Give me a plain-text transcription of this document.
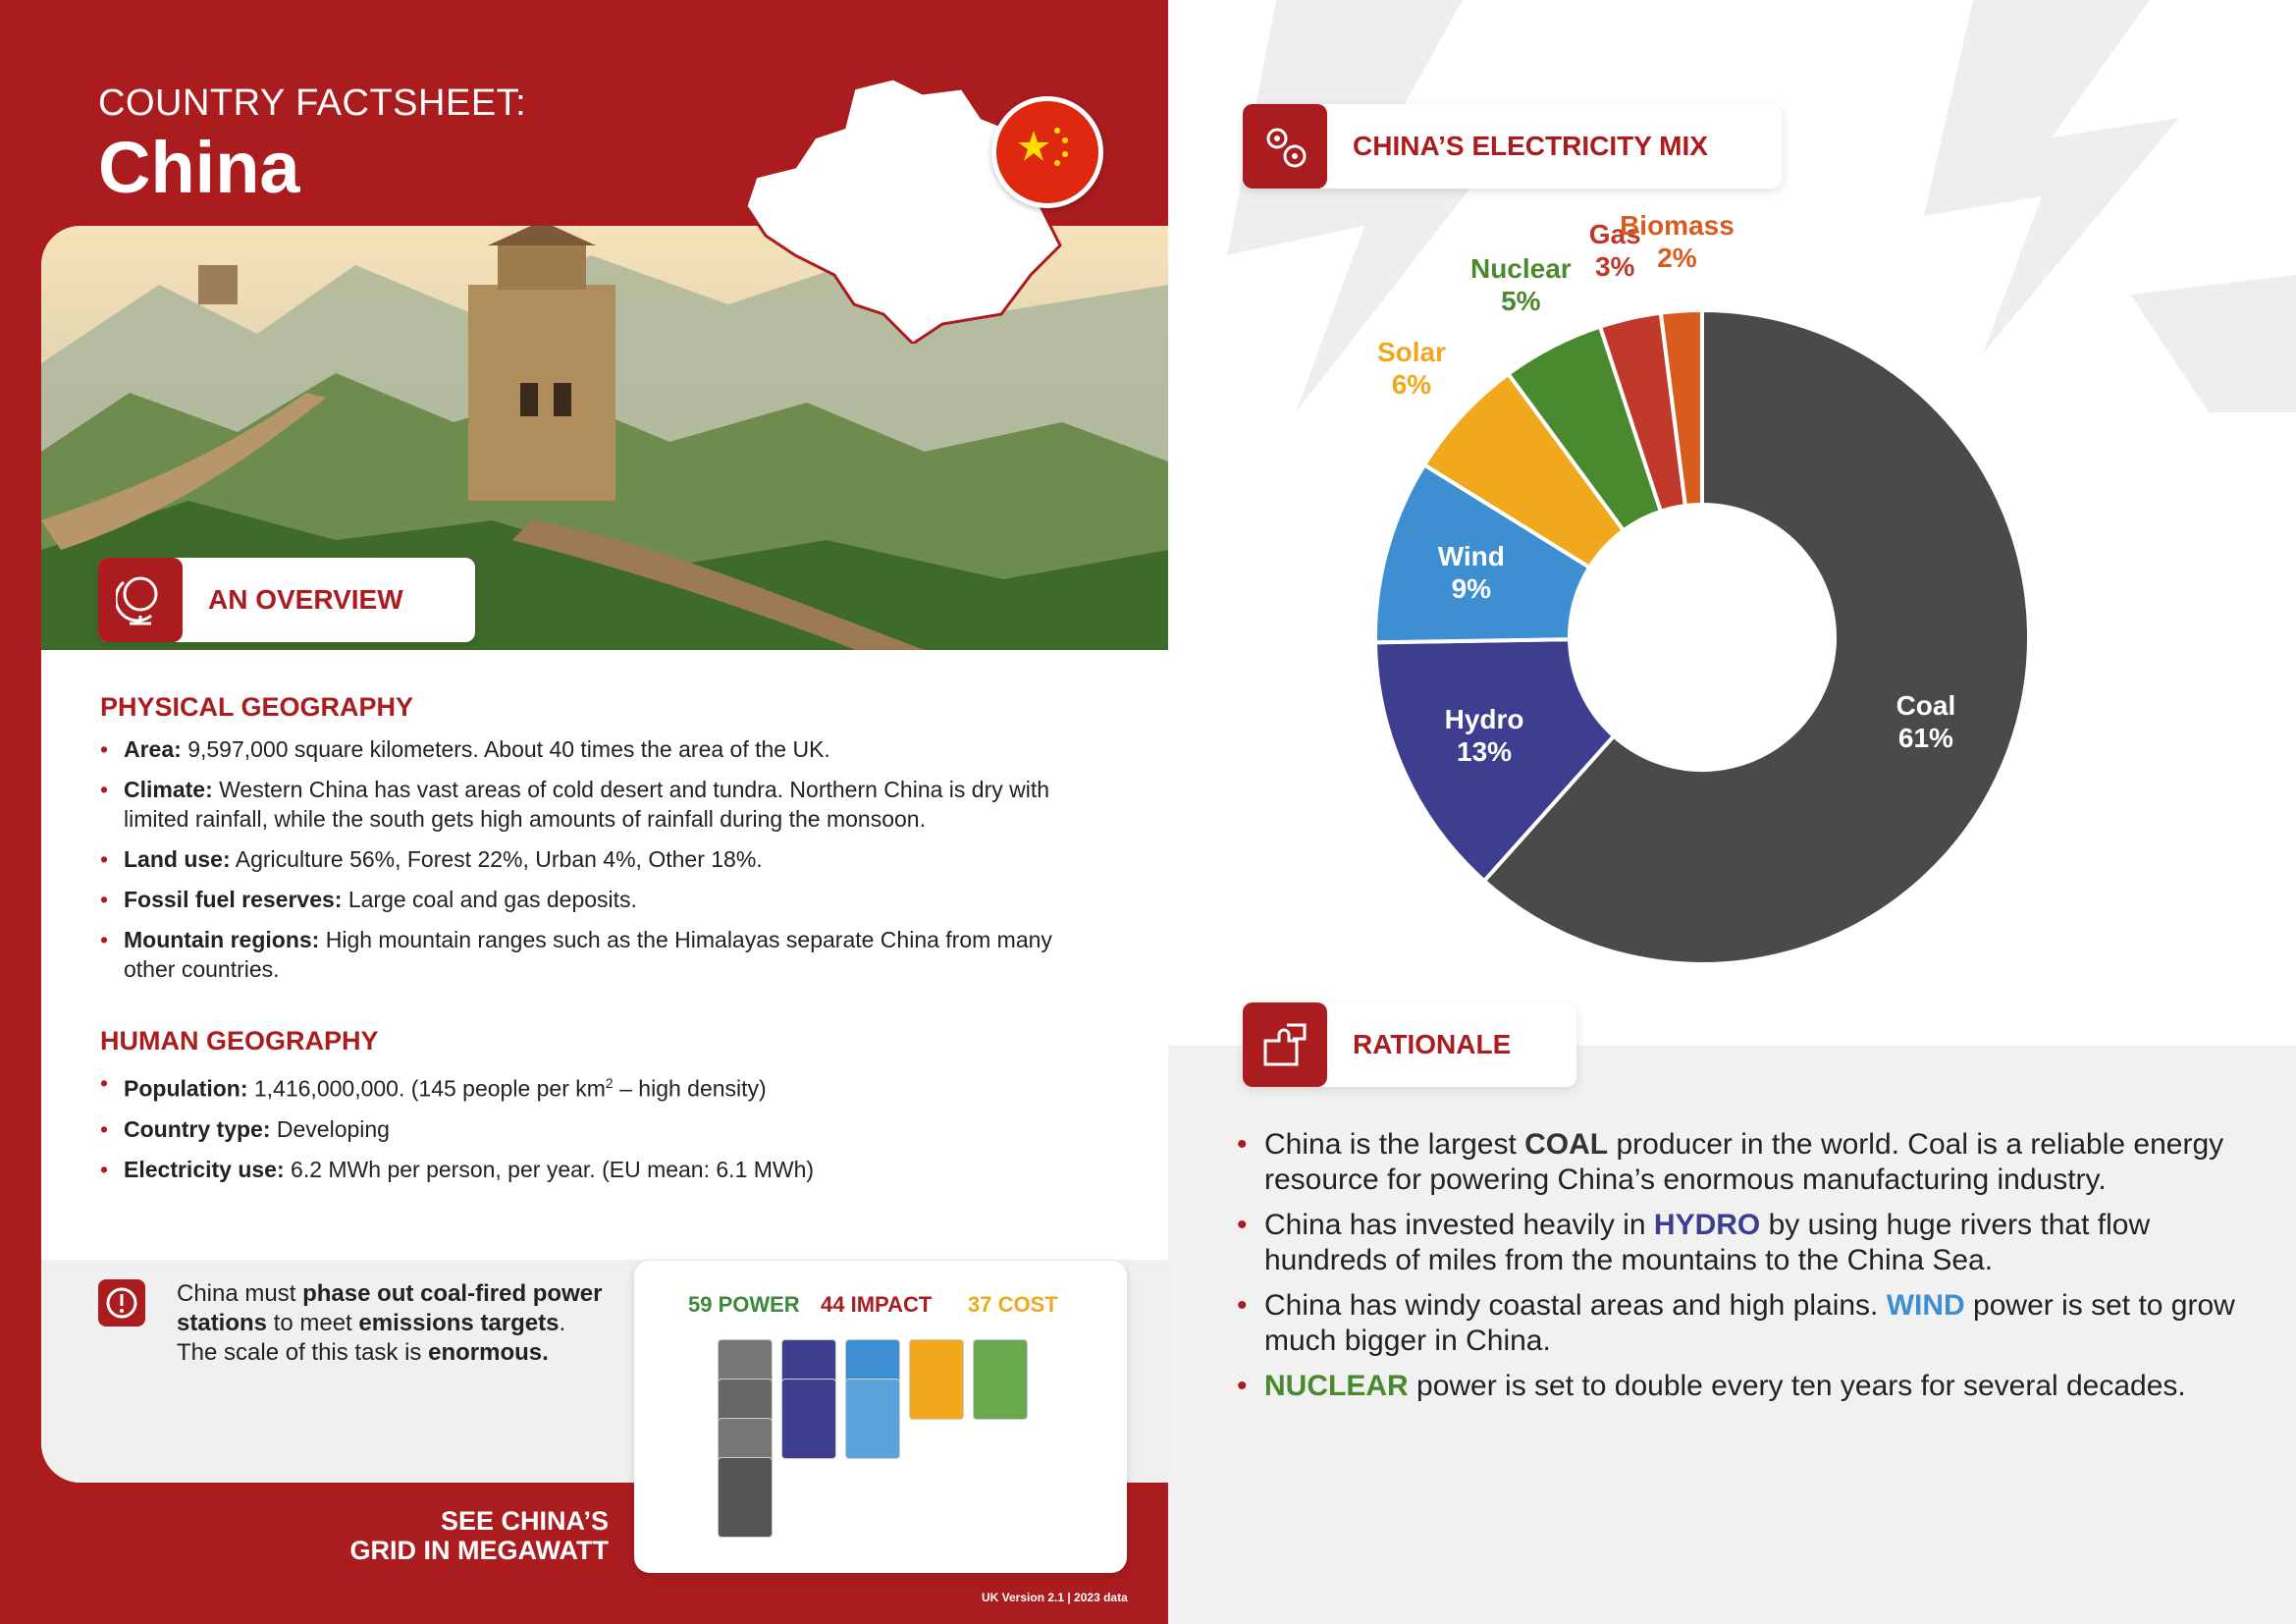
COUNTRY FACTSHEET:
China
AN OVERVIEW
PHYSICAL GEOGRAPHY
• Area: 9,597,000 square kilometers. About 40 times the area of the UK.
• Climate: Western China has vast areas of cold desert and tundra. Northern China is dry with limited rainfall, while the south gets high amounts of rainfall during the monsoon.
• Land use: Agriculture 56%, Forest 22%, Urban 4%, Other 18%.
• Fossil fuel reserves: Large coal and gas deposits.
• Mountain regions: High mountain ranges such as the Himalayas separate China from many other countries.
HUMAN GEOGRAPHY
• Population: 1,416,000,000. (145 people per $km^2$ – high density)
• Country type: Developing
• Electricity use: 6.2 MWh per person, per year. (EU mean: 6.1 MWh)
China must phase out coal-fired power stations to meet emissions targets. The scale of this task is enormous.
59 POWER 44 IMPACT 37 COST
SEE CHINA’S
GRID IN MEGAWATT
UK Version 2.1 | 2023 data
CHINA’S ELECTRICITY MIX
Coal
61%
Hydro
13%
Wind
9%
Solar
6%
Nuclear
5%
Gas
3%
Biomass
2%
RATIONALE
• China is the largest COAL producer in the world. Coal is a reliable energy resource for powering China’s enormous manufacturing industry.
• China has invested heavily in HYDRO by using huge rivers that flow hundreds of miles from the mountains to the China Sea.
• China has windy coastal areas and high plains. WIND power is set to grow much bigger in China.
• NUCLEAR power is set to double every ten years for several decades.
